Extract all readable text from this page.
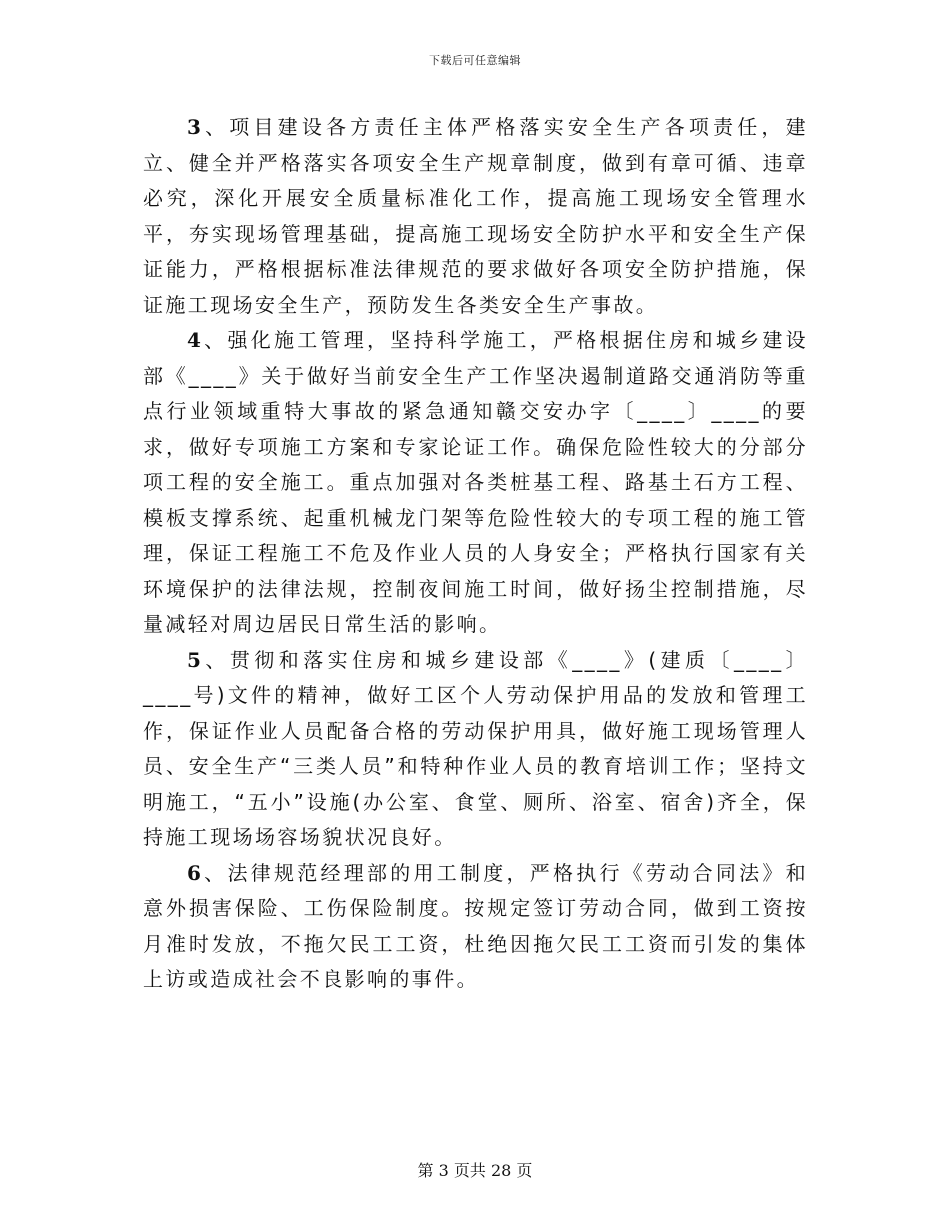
下载后可任意编辑

3、项目建设各方责任主体严格落实安全生产各项责任，建立、健全并严格落实各项安全生产规章制度，做到有章可循、违章必究，深化开展安全质量标准化工作，提高施工现场安全管理水平，夯实现场管理基础，提高施工现场安全防护水平和安全生产保证能力，严格根据标准法律规范的要求做好各项安全防护措施，保证施工现场安全生产，预防发生各类安全生产事故。

4、强化施工管理，坚持科学施工，严格根据住房和城乡建设部《____》关于做好当前安全生产工作坚决遏制道路交通消防等重点行业领域重特大事故的紧急通知赣交安办字〔____〕____的要求，做好专项施工方案和专家论证工作。确保危险性较大的分部分项工程的安全施工。重点加强对各类桩基工程、路基土石方工程、模板支撑系统、起重机械龙门架等危险性较大的专项工程的施工管理，保证工程施工不危及作业人员的人身安全；严格执行国家有关环境保护的法律法规，控制夜间施工时间，做好扬尘控制措施，尽量减轻对周边居民日常生活的影响。

5、贯彻和落实住房和城乡建设部《____》(建质〔____〕____号)文件的精神，做好工区个人劳动保护用品的发放和管理工作，保证作业人员配备合格的劳动保护用具，做好施工现场管理人员、安全生产“三类人员”和特种作业人员的教育培训工作；坚持文明施工，“五小”设施(办公室、食堂、厕所、浴室、宿舍)齐全，保持施工现场场容场貌状况良好。

6、法律规范经理部的用工制度，严格执行《劳动合同法》和意外损害保险、工伤保险制度。按规定签订劳动合同，做到工资按月准时发放，不拖欠民工工资，杜绝因拖欠民工工资而引发的集体上访或造成社会不良影响的事件。

第 3 页共 28 页
